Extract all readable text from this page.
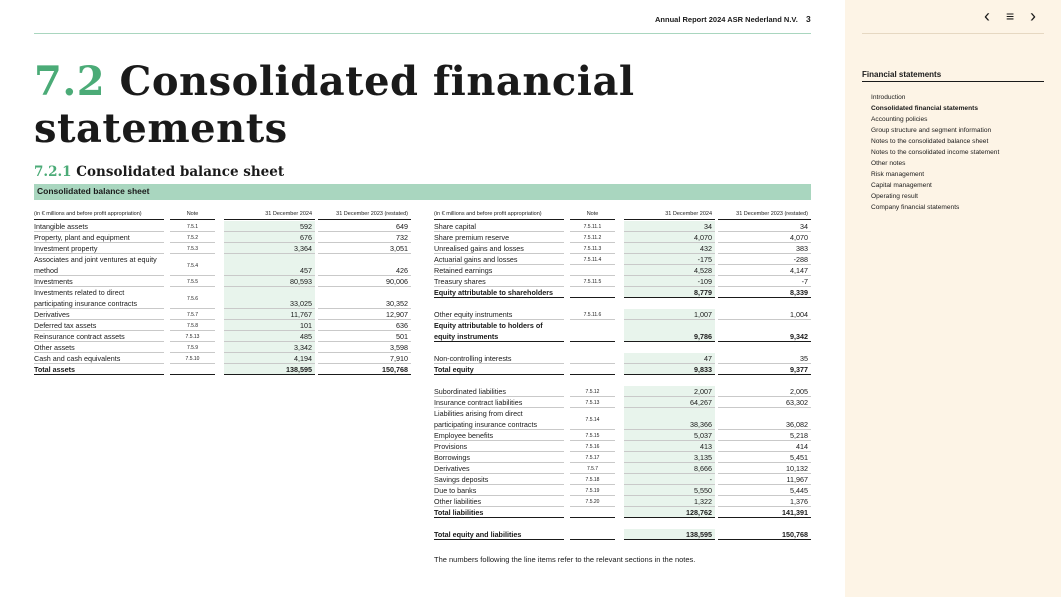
Annual Report 2024 ASR Nederland N.V. 3
7.2 Consolidated financial statements
7.2.1 Consolidated balance sheet
Consolidated balance sheet
(in € millions and before profit appropriation)	Note	31 December 2024	31 December 2023 (restated)
Intangible assets	7.5.1	592	649
Property, plant and equipment	7.5.2	676	732
Investment property	7.5.3	3,364	3,051
Associates and joint ventures at equity
method	7.5.4	457	426
Investments	7.5.5	80,593	90,006
Investments related to direct
participating insurance contracts	7.5.6	33,025	30,352
Derivatives	7.5.7	11,767	12,907
Deferred tax assets	7.5.8	101	636
Reinsurance contract assets	7.5.13	485	501
Other assets	7.5.9	3,342	3,598
Cash and cash equivalents	7.5.10	4,194	7,910
Total assets	138,595	150,768
(in € millions and before profit appropriation)	Note	31 December 2024	31 December 2023 (restated)
Share capital	7.5.11.1	34	34
Share premium reserve	7.5.11.2	4,070	4,070
Unrealised gains and losses	7.5.11.3	432	383
Actuarial gains and losses	7.5.11.4	-175	-288
Retained earnings	4,528	4,147
Treasury shares	7.5.11.5	-109	-7
Equity attributable to shareholders	8,779	8,339
Other equity instruments	7.5.11.6	1,007	1,004
Equity attributable to holders of
equity instruments	9,786	9,342
Non-controlling interests	47	35
Total equity	9,833	9,377
Subordinated liabilities	7.5.12	2,007	2,005
Insurance contract liabilities	7.5.13	64,267	63,302
Liabilities arising from direct
participating insurance contracts	7.5.14	38,366	36,082
Employee benefits	7.5.15	5,037	5,218
Provisions	7.5.16	413	414
Borrowings	7.5.17	3,135	5,451
Derivatives	7.5.7	8,666	10,132
Savings deposits	7.5.18	-	11,967
Due to banks	7.5.19	5,550	5,445
Other liabilities	7.5.20	1,322	1,376
Total liabilities	128,762	141,391
Total equity and liabilities	138,595	150,768
The numbers following the line items refer to the relevant sections in the notes.
‹ ≡ ›
Financial statements
Introduction
Consolidated financial statements
Accounting policies
Group structure and segment information
Notes to the consolidated balance sheet
Notes to the consolidated income statement
Other notes
Risk management
Capital management
Operating result
Company financial statements
